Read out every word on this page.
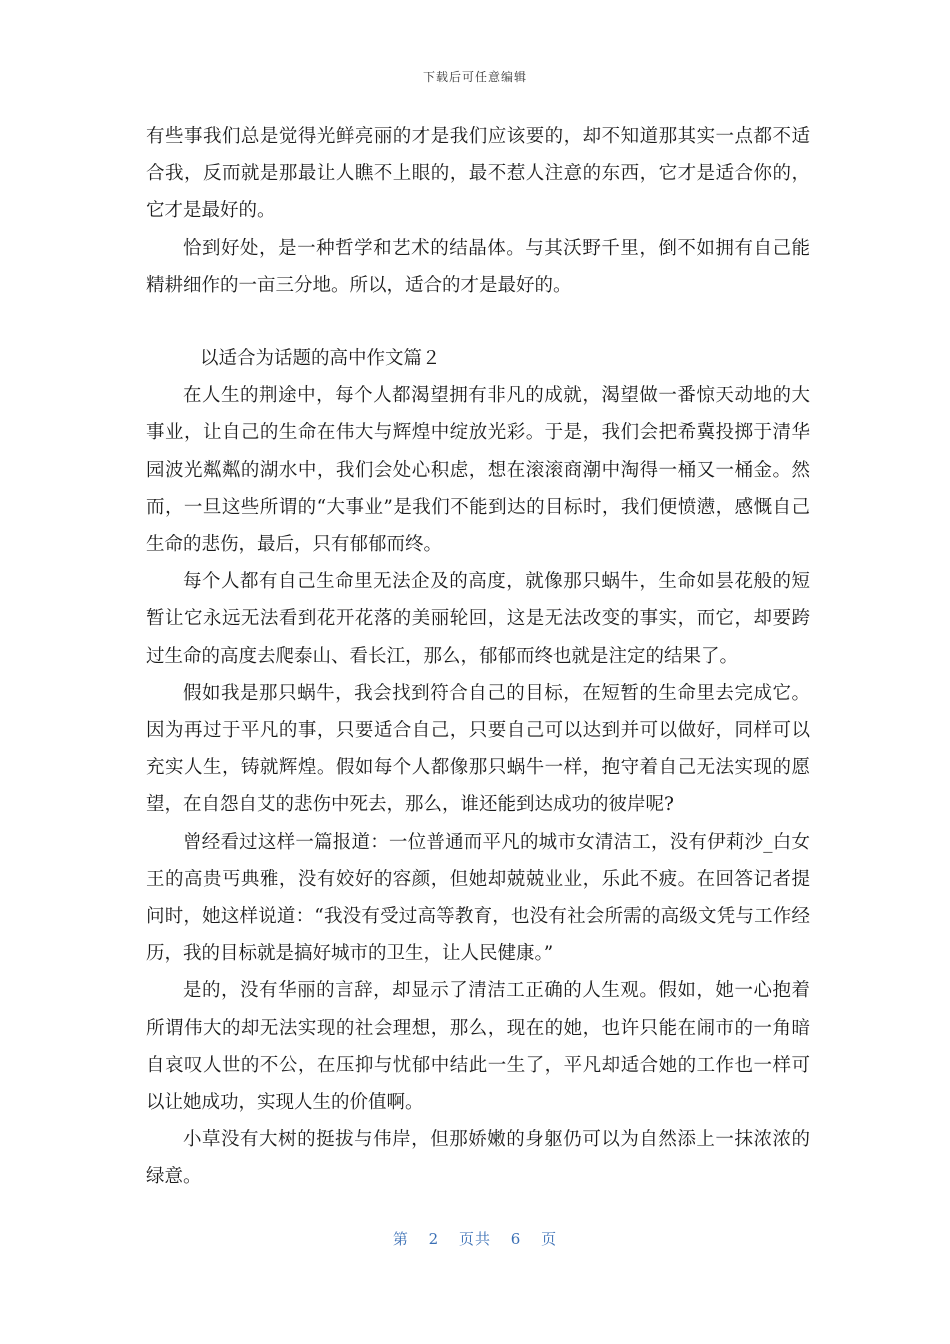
下载后可任意编辑

有些事我们总是觉得光鲜亮丽的才是我们应该要的，却不知道那其实一点都不适合我，反而就是那最让人瞧不上眼的，最不惹人注意的东西，它才是适合你的，它才是最好的。

恰到好处，是一种哲学和艺术的结晶体。与其沃野千里，倒不如拥有自己能精耕细作的一亩三分地。所以，适合的才是最好的。

以适合为话题的高中作文篇２

在人生的荆途中，每个人都渴望拥有非凡的成就，渴望做一番惊天动地的大事业，让自己的生命在伟大与辉煌中绽放光彩。于是，我们会把希冀投掷于清华园波光粼粼的湖水中，我们会处心积虑，想在滚滚商潮中淘得一桶又一桶金。然而，一旦这些所谓的“大事业”是我们不能到达的目标时，我们便愤懑，感慨自己生命的悲伤，最后，只有郁郁而终。

每个人都有自己生命里无法企及的高度，就像那只蜗牛，生命如昙花般的短暂让它永远无法看到花开花落的美丽轮回，这是无法改变的事实，而它，却要跨过生命的高度去爬泰山、看长江，那么，郁郁而终也就是注定的结果了。

假如我是那只蜗牛，我会找到符合自己的目标，在短暂的生命里去完成它。因为再过于平凡的事，只要适合自己，只要自己可以达到并可以做好，同样可以充实人生，铸就辉煌。假如每个人都像那只蜗牛一样，抱守着自己无法实现的愿望，在自怨自艾的悲伤中死去，那么，谁还能到达成功的彼岸呢?

曾经看过这样一篇报道：一位普通而平凡的城市女清洁工，没有伊莉沙_白女王的高贵丐典雅，没有姣好的容颜，但她却兢兢业业，乐此不疲。在回答记者提问时，她这样说道：“我没有受过高等教育，也没有社会所需的高级文凭与工作经历，我的目标就是搞好城市的卫生，让人民健康。”

是的，没有华丽的言辞，却显示了清洁工正确的人生观。假如，她一心抱着所谓伟大的却无法实现的社会理想，那么，现在的她，也许只能在闹市的一角暗自哀叹人世的不公，在压抑与忧郁中结此一生了，平凡却适合她的工作也一样可以让她成功，实现人生的价值啊。

小草没有大树的挺拔与伟岸，但那娇嫩的身躯仍可以为自然添上一抹浓浓的绿意。

第 2 页共 6 页
